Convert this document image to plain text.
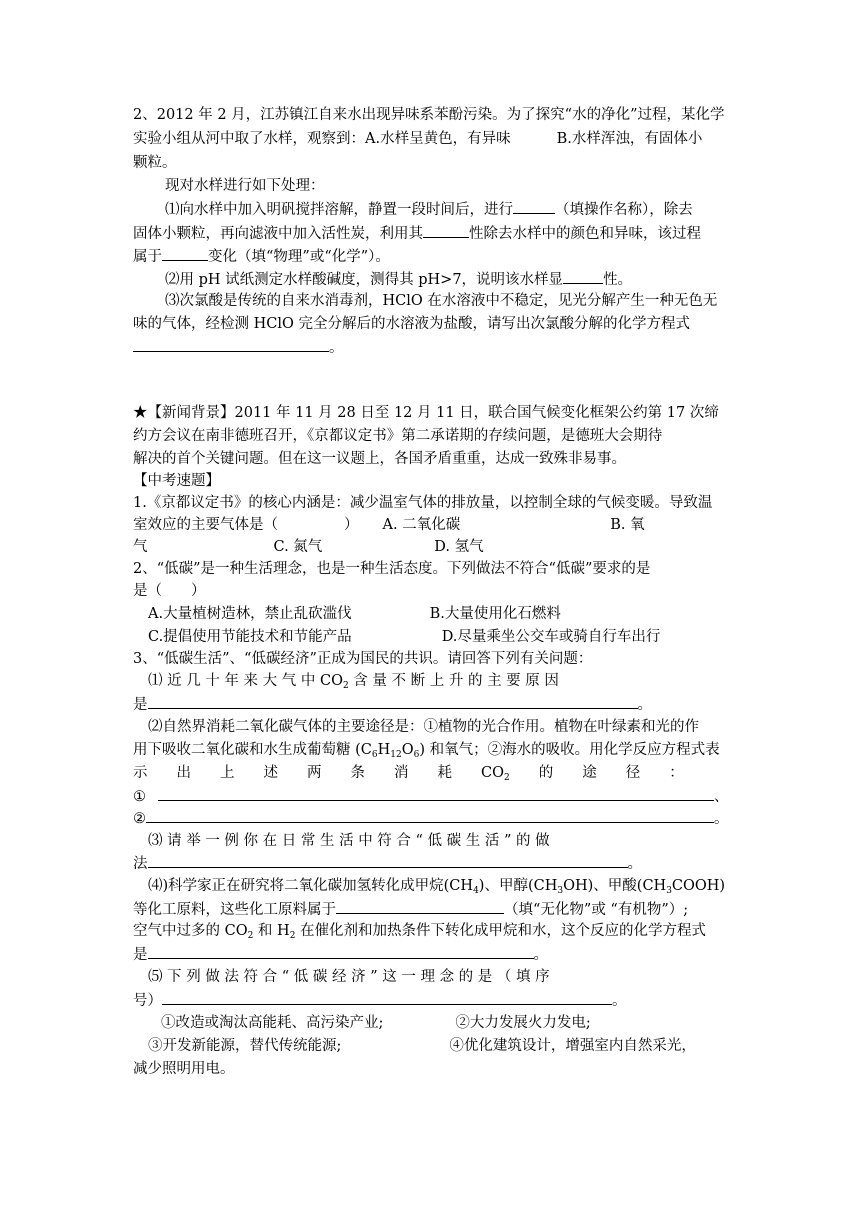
2、2012 年 2 月，江苏镇江自来水出现异味系苯酚污染。为了探究“水的净化”过程，某化学
实验小组从河中取了水样，观察到：A.水样呈黄色，有异味	B.水样浑浊，有固体小
颗粒。
现对水样进行如下处理：
⑴向水样中加入明矾搅拌溶解，静置一段时间后，进行	（填操作名称），除去
固体小颗粒，再向滤液中加入活性炭，利用其	性除去水样中的颜色和异味，该过程
属于	变化（填“物理”或“化学”）。
⑵用 pH 试纸测定水样酸碱度，测得其 pH>7，说明该水样显	性。
⑶次氯酸是传统的自来水消毒剂，HClO 在水溶液中不稳定，见光分解产生一种无色无
味的气体，经检测 HClO 完全分解后的水溶液为盐酸，请写出次氯酸分解的化学方程式
。
★【新闻背景】2011 年 11 月 28 日至 12 月 11 日，联合国气候变化框架公约第 17 次缔
约方会议在南非德班召开，《京都议定书》第二承诺期的存续问题，是德班大会期待
解决的首个关键问题。但在这一议题上，各国矛盾重重，达成一致殊非易事。
【中考速题】
1.《京都议定书》的核心内涵是：减少温室气体的排放量，以控制全球的气候变暖。导致温
室效应的主要气体是（	） A. 二氧化碳	B. 氧
气	C. 氮气	D. 氢气
2、“低碳”是一种生活理念，也是一种生活态度。下列做法不符合“低碳”要求的是
是（　　）
A.大量植树造林，禁止乱砍滥伐	B.大量使用化石燃料
C.提倡使用节能技术和节能产品	D.尽量乘坐公交车或骑自行车出行
3、“低碳生活”、“低碳经济”正成为国民的共识。请回答下列有关问题：
⑴ 近 几 十 年 来 大 气 中 $CO_2$ 含 量 不 断 上 升 的 主 要 原 因
是	。
⑵自然界消耗二氧化碳气体的主要途径是：①植物的光合作用。植物在叶绿素和光的作
用下吸收二氧化碳和水生成葡萄糖 $(C_6H_{12}O_6)$ 和氧气；②海水的吸收。用化学反应方程式表
示　　出　　上　　述　　两　　条　　消　　耗　　$CO_2$　　的　　途　　径　　：
①	、
②	。
⑶ 请 举 一 例 你 在 日 常 生 活 中 符 合 “ 低 碳 生 活 ” 的 做
法	。
⑷)科学家正在研究将二氧化碳加氢转化成甲烷$(CH_4)$、甲醇$(CH_3OH)$、甲酸$(CH_3COOH)$
等化工原料，这些化工原料属于	（填“无化物”或 “有机物”）;
空气中过多的 $CO_2$ 和 $H_2$ 在催化剂和加热条件下转化成甲烷和水，这个反应的化学方程式
是	。
⑸ 下 列 做 法 符 合 “ 低 碳 经 济 ” 这 一 理 念 的 是 （ 填 序
号）	。
①改造或淘汰高能耗、高污染产业;	②大力发展火力发电;
③开发新能源，替代传统能源;	④优化建筑设计，增强室内自然采光，
减少照明用电。
